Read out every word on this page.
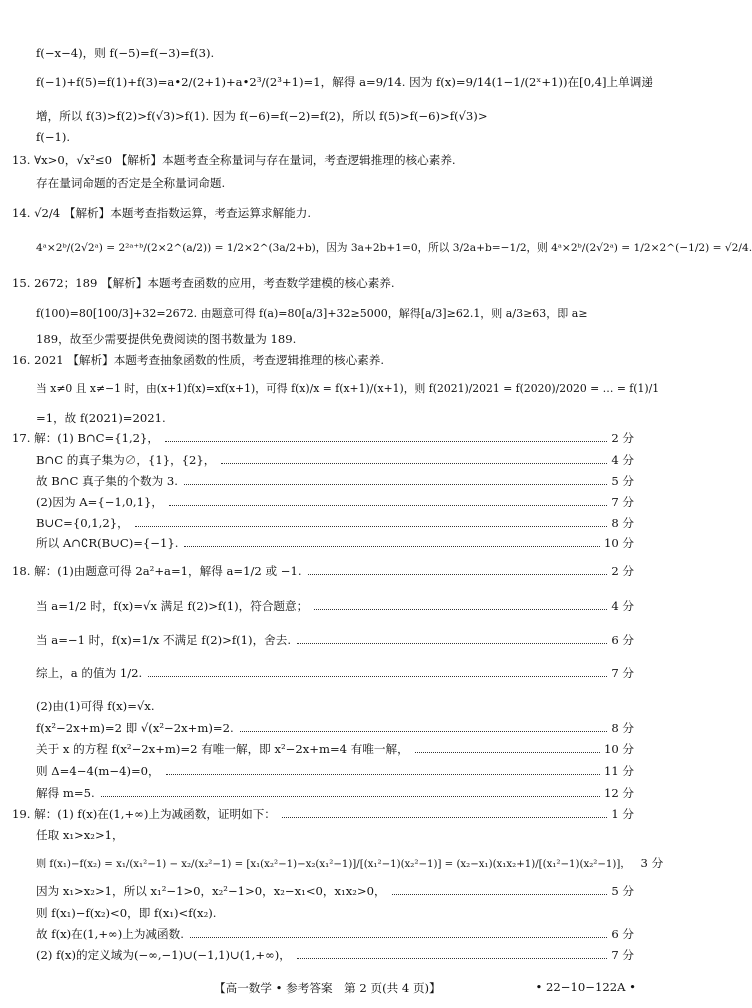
f(−x−4)，则 f(−5)=f(−3)=f(3).
f(−1)+f(5)=f(1)+f(3)=a•2/(2+1)+a•2³/(2³+1)=1，解得 a=9/14. 因为 f(x)=9/14(1−1/(2ˣ+1))在[0,4]上单调递
增，所以 f(3)>f(2)>f(√3)>f(1). 因为 f(−6)=f(−2)=f(2)，所以 f(5)>f(−6)>f(√3)>
f(−1).
13. ∀x>0，√x²≤0 【解析】本题考查全称量词与存在量词，考查逻辑推理的核心素养.
存在量词命题的否定是全称量词命题.
14. √2/4 【解析】本题考查指数运算，考查运算求解能力.
4ᵃ×2ᵇ/(2√2ᵃ) = 2²ᵃ⁺ᵇ/(2×2^(a/2)) = 1/2×2^(3a/2+b)，因为 3a+2b+1=0，所以 3/2a+b=−1/2，则 4ᵃ×2ᵇ/(2√2ᵃ) = 1/2×2^(−1/2) = √2/4.
15. 2672；189 【解析】本题考查函数的应用，考查数学建模的核心素养.
f(100)=80[100/3]+32=2672. 由题意可得 f(a)=80[a/3]+32≥5000，解得[a/3]≥62.1，则 a/3≥63，即 a≥
189，故至少需要提供免费阅读的图书数量为 189.
16. 2021 【解析】本题考查抽象函数的性质，考查逻辑推理的核心素养.
当 x≠0 且 x≠−1 时，由(x+1)f(x)=xf(x+1)，可得 f(x)/x = f(x+1)/(x+1)，则 f(2021)/2021 = f(2020)/2020 = … = f(1)/1
=1，故 f(2021)=2021.
17. 解：(1) B∩C={1,2}，	2 分
B∩C 的真子集为∅，{1}，{2}，	4 分
故 B∩C 真子集的个数为 3.	5 分
(2)因为 A={−1,0,1}，	7 分
B∪C={0,1,2}，	8 分
所以 A∩∁R(B∪C)={−1}.	10 分
18. 解：(1)由题意可得 2a²+a=1，解得 a=1/2 或 −1.	2 分
当 a=1/2 时，f(x)=√x 满足 f(2)>f(1)，符合题意；	4 分
当 a=−1 时，f(x)=1/x 不满足 f(2)>f(1)，舍去.	6 分
综上，a 的值为 1/2.	7 分
(2)由(1)可得 f(x)=√x.
f(x²−2x+m)=2 即 √(x²−2x+m)=2.	8 分
关于 x 的方程 f(x²−2x+m)=2 有唯一解，即 x²−2x+m=4 有唯一解，	10 分
则 Δ=4−4(m−4)=0，	11 分
解得 m=5.	12 分
19. 解：(1) f(x)在(1,+∞)上为减函数，证明如下：	1 分
任取 x₁>x₂>1，
则 f(x₁)−f(x₂) = x₁/(x₁²−1) − x₂/(x₂²−1) = [x₁(x₂²−1)−x₂(x₁²−1)]/[(x₁²−1)(x₂²−1)] = (x₂−x₁)(x₁x₂+1)/[(x₁²−1)(x₂²−1)]， 3 分
因为 x₁>x₂>1，所以 x₁²−1>0，x₂²−1>0，x₂−x₁<0，x₁x₂>0，	5 分
则 f(x₁)−f(x₂)<0，即 f(x₁)<f(x₂).
故 f(x)在(1,+∞)上为减函数.	6 分
(2) f(x)的定义域为(−∞,−1)∪(−1,1)∪(1,+∞)，	7 分
【高一数学 • 参考答案　第 2 页(共 4 页)】	• 22−10−122A •
